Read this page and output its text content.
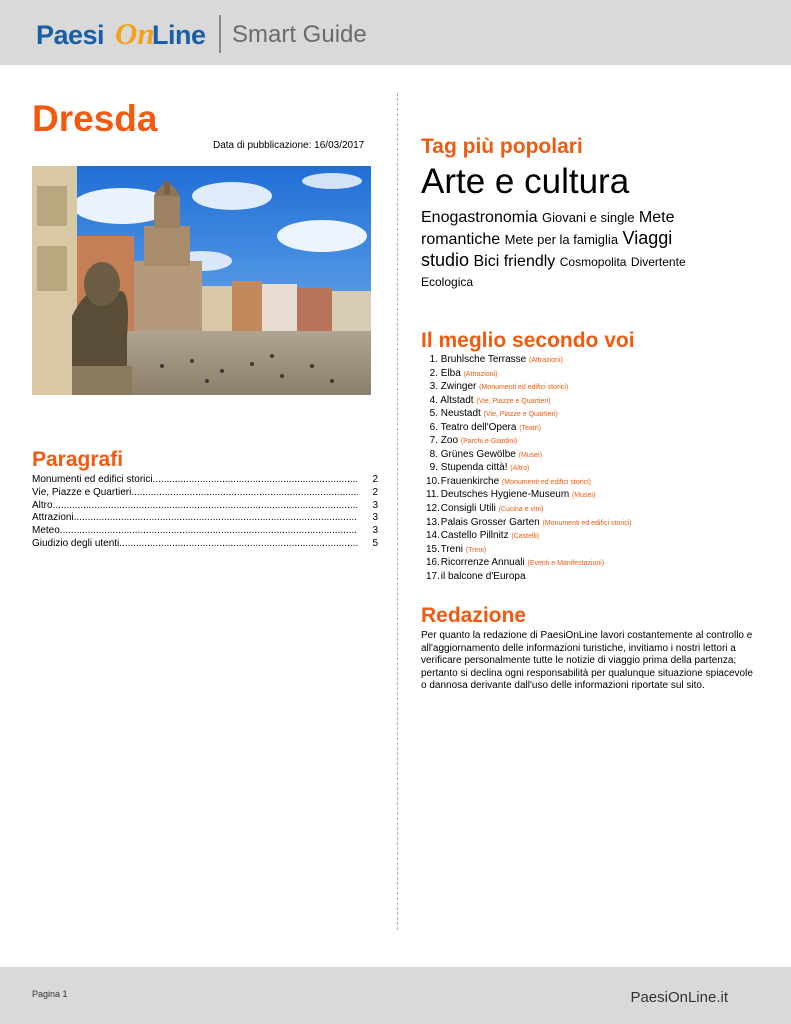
Paesi On
Line Smart Guide
Dresda
Data di pubblicazione: 16/03/2017
Paragrafi
Monumenti ed edifici storici .....	2
Vie, Piazze e Quartieri .....	2
Altro .....	3
Attrazioni .....	3
Meteo .....	3
Giudizio degli utenti .....	5
Tag più popolari
Arte e cultura
Enogastronomia Giovani e single Mete romantiche Mete per la famiglia Viaggi studio Bici friendly Cosmopolita Divertente Ecologica
Il meglio secondo voi
1. Bruhlsche Terrasse (Attrazioni)
2. Elba (Attrazioni)
3. Zwinger (Monumenti ed edifici storici)
4. Altstadt (Vie, Piazze e Quartieri)
5. Neustadt (Vie, Piazze e Quartieri)
6. Teatro dell'Opera (Teatri)
7. Zoo (Parchi e Giardini)
8. Grünes Gewölbe (Musei)
9. Stupenda città! (Altro)
10. Frauenkirche (Monumenti ed edifici storici)
11. Deutsches Hygiene-Museum (Musei)
12. Consigli Utili (Cucina e vini)
13. Palais Grosser Garten (Monumenti ed edifici storici)
14. Castello Pillnitz (Castelli)
15. Treni (Treni)
16. Ricorrenze Annuali (Eventi e Manifestazioni)
17. il balcone d'Europa
Redazione
Per quanto la redazione di PaesiOnLine lavori costantemente al controllo e all'aggiornamento delle informazioni turistiche, invitiamo i nostri lettori a verificare personalmente tutte le notizie di viaggio prima della partenza; pertanto si declina ogni responsabilità per qualunque situazione spiacevole o dannosa derivante dall'uso delle informazioni riportate sul sito.
Pagina 1	PaesiOnLine.it
